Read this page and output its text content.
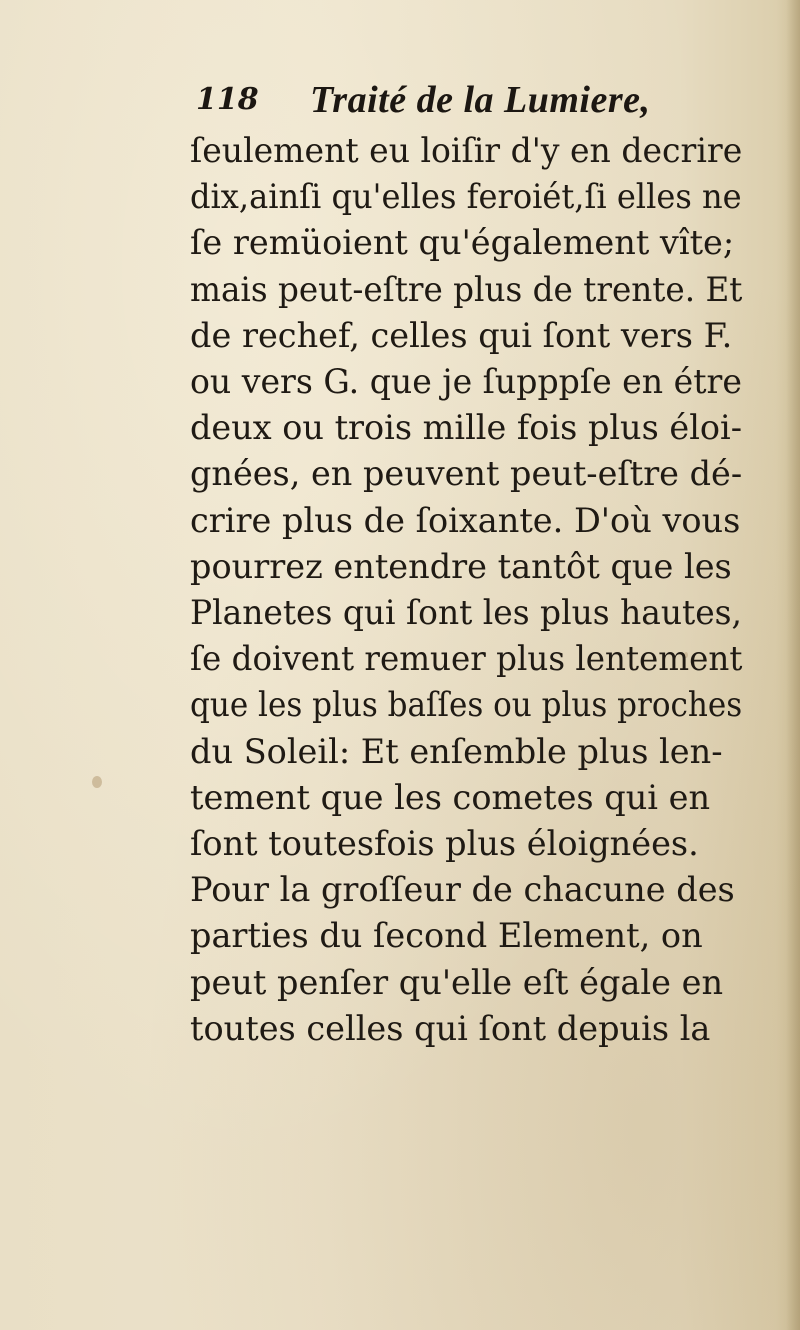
118 Traité de la Lumiere,
ſeulement eu loiſir d'y en decrire
dix,ainſi qu'elles feroiét,ſi elles ne
ſe remüoient qu'également vîte;
mais peut-eſtre plus de trente. Et
de rechef, celles qui ſont vers F.
ou vers G. que je ſupppſe en étre
deux ou trois mille fois plus éloi-
gnées, en peuvent peut-eſtre dé-
crire plus de ſoixante. D'où vous
pourrez entendre tantôt que les
Planetes qui ſont les plus hautes,
ſe doivent remuer plus lentement
que les plus baſſes ou plus proches
du Soleil: Et enſemble plus len-
tement que les cometes qui en
ſont toutesfois plus éloignées.
Pour la groſſeur de chacune des
parties du ſecond Element, on
peut penſer qu'elle eſt égale en
toutes celles qui ſont depuis la
